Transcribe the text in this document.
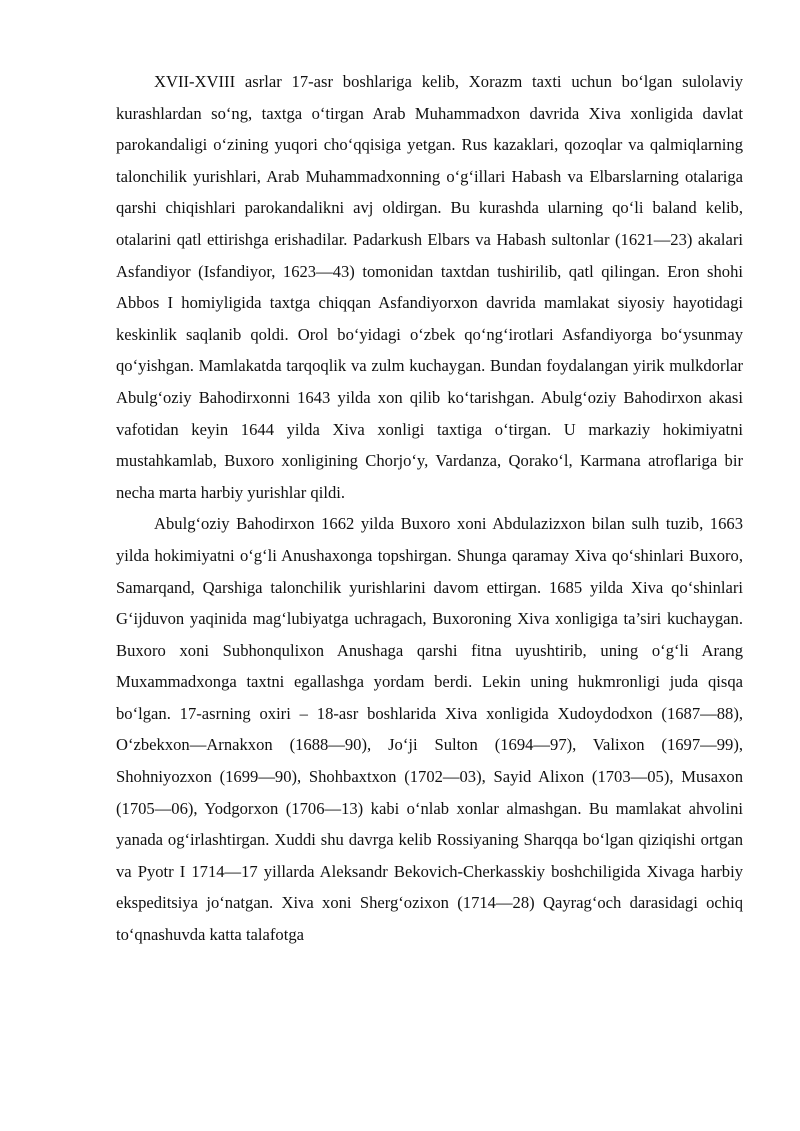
XVII-XVIII asrlar 17-asr boshlariga kelib, Xorazm taxti uchun bo‘lgan sulolaviy kurashlardan so‘ng, taxtga o‘tirgan Arab Muhammadxon davrida Xiva xonligida davlat parokandaligi o‘zining yuqori cho‘qqisiga yetgan. Rus kazaklari, qozoqlar va qalmiqlarning talonchilik yurishlari, Arab Muhammadxonning o‘g‘illari Habash va Elbarslarning otalariga qarshi chiqishlari parokandalikni avj oldirgan. Bu kurashda ularning qo‘li baland kelib, otalarini qatl ettirishga erishadilar. Padarkush Elbars va Habash sultonlar (1621—23) akalari Asfandiyor (Isfandiyor, 1623—43) tomonidan taxtdan tushirilib, qatl qilingan. Eron shohi Abbos I homiyligida taxtga chiqqan Asfandiyorxon davrida mamlakat siyosiy hayotidagi keskinlik saqlanib qoldi. Orol bo‘yidagi o‘zbek qo‘ng‘irotlari Asfandiyorga bo‘ysunmay qo‘yishgan. Mamlakatda tarqoqlik va zulm kuchaygan. Bundan foydalangan yirik mulkdorlar Abulg‘oziy Bahodirxonni 1643 yilda xon qilib ko‘tarishgan. Abulg‘oziy Bahodirxon akasi vafotidan keyin 1644 yilda Xiva xonligi taxtiga o‘tirgan. U markaziy hokimiyatni mustahkamlab, Buxoro xonligining Chorjo‘y, Vardanza, Qorako‘l, Karmana atroflariga bir necha marta harbiy yurishlar qildi.

Abulg‘oziy Bahodirxon 1662 yilda Buxoro xoni Abdulazizxon bilan sulh tuzib, 1663 yilda hokimiyatni o‘g‘li Anushaxonga topshirgan. Shunga qaramay Xiva qo‘shinlari Buxoro, Samarqand, Qarshiga talonchilik yurishlarini davom ettirgan. 1685 yilda Xiva qo‘shinlari G‘ijduvon yaqinida mag‘lubiyatga uchragach, Buxoroning Xiva xonligiga ta’siri kuchaygan. Buxoro xoni Subhonqulixon Anushaga qarshi fitna uyushtirib, uning o‘g‘li Arang Muxammadxonga taxtni egallashga yordam berdi. Lekin uning hukmronligi juda qisqa bo‘lgan. 17-asrning oxiri – 18-asr boshlarida Xiva xonligida Xudoydodxon (1687—88), O‘zbekxon—Arnakxon (1688—90), Jo‘ji Sulton (1694—97), Valixon (1697—99), Shohniyozxon (1699—90), Shohbaxtxon (1702—03), Sayid Alixon (1703—05), Musaxon (1705—06), Yodgorxon (1706—13) kabi o‘nlab xonlar almashgan. Bu mamlakat ahvolini yanada og‘irlashtirgan. Xuddi shu davrga kelib Rossiyaning Sharqqa bo‘lgan qiziqishi ortgan va Pyotr I 1714—17 yillarda Aleksandr Bekovich-Cherkasskiy boshchiligida Xivaga harbiy ekspeditsiya jo‘natgan. Xiva xoni Sherg‘ozixon (1714—28) Qayrag‘och darasidagi ochiq to‘qnashuvda katta talafotga
